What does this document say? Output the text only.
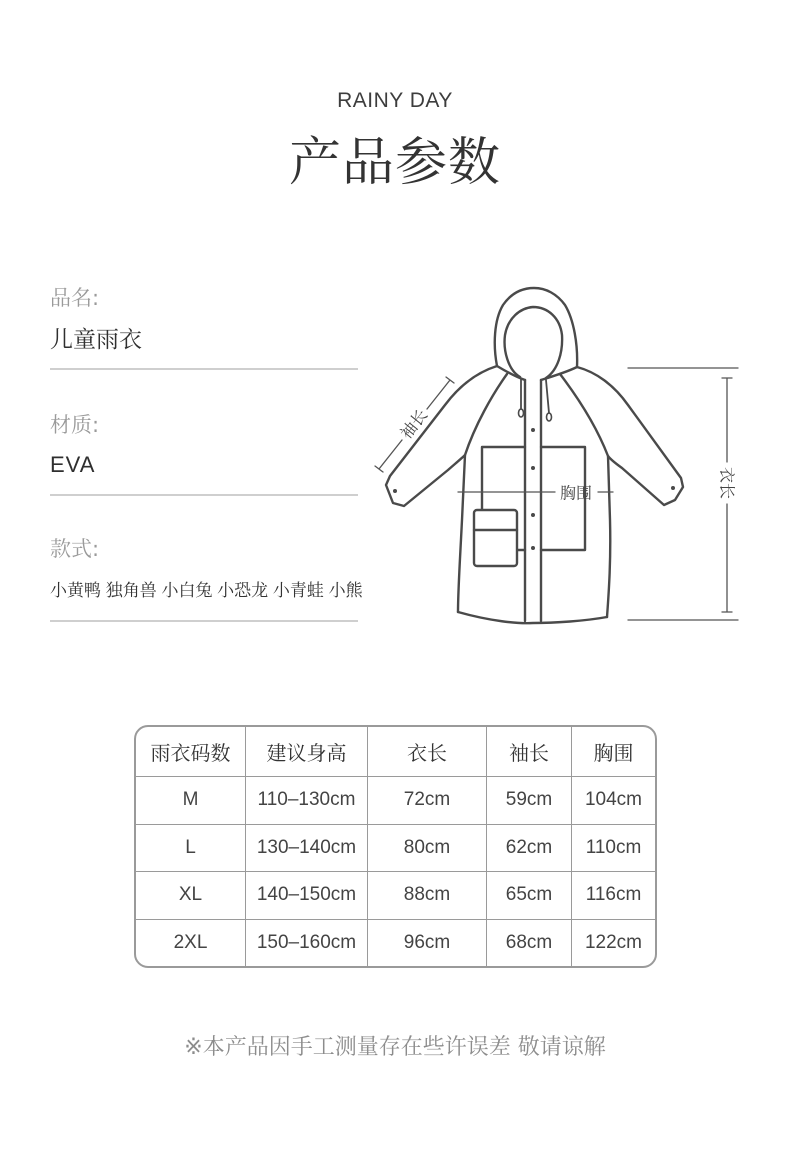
RAINY DAY
产品参数
品名:
儿童雨衣
材质:
EVA
款式:
小黄鸭 独角兽 小白兔 小恐龙 小青蛙 小熊
袖长
胸围	衣长
雨衣码数	建议身高	衣长	袖长	胸围
M	110–130cm	72cm	59cm	104cm
L	130–140cm	80cm	62cm	110cm
XL	140–150cm	88cm	65cm	116cm
2XL	150–160cm	96cm	68cm	122cm
※本产品因手工测量存在些许误差 敬请谅解
